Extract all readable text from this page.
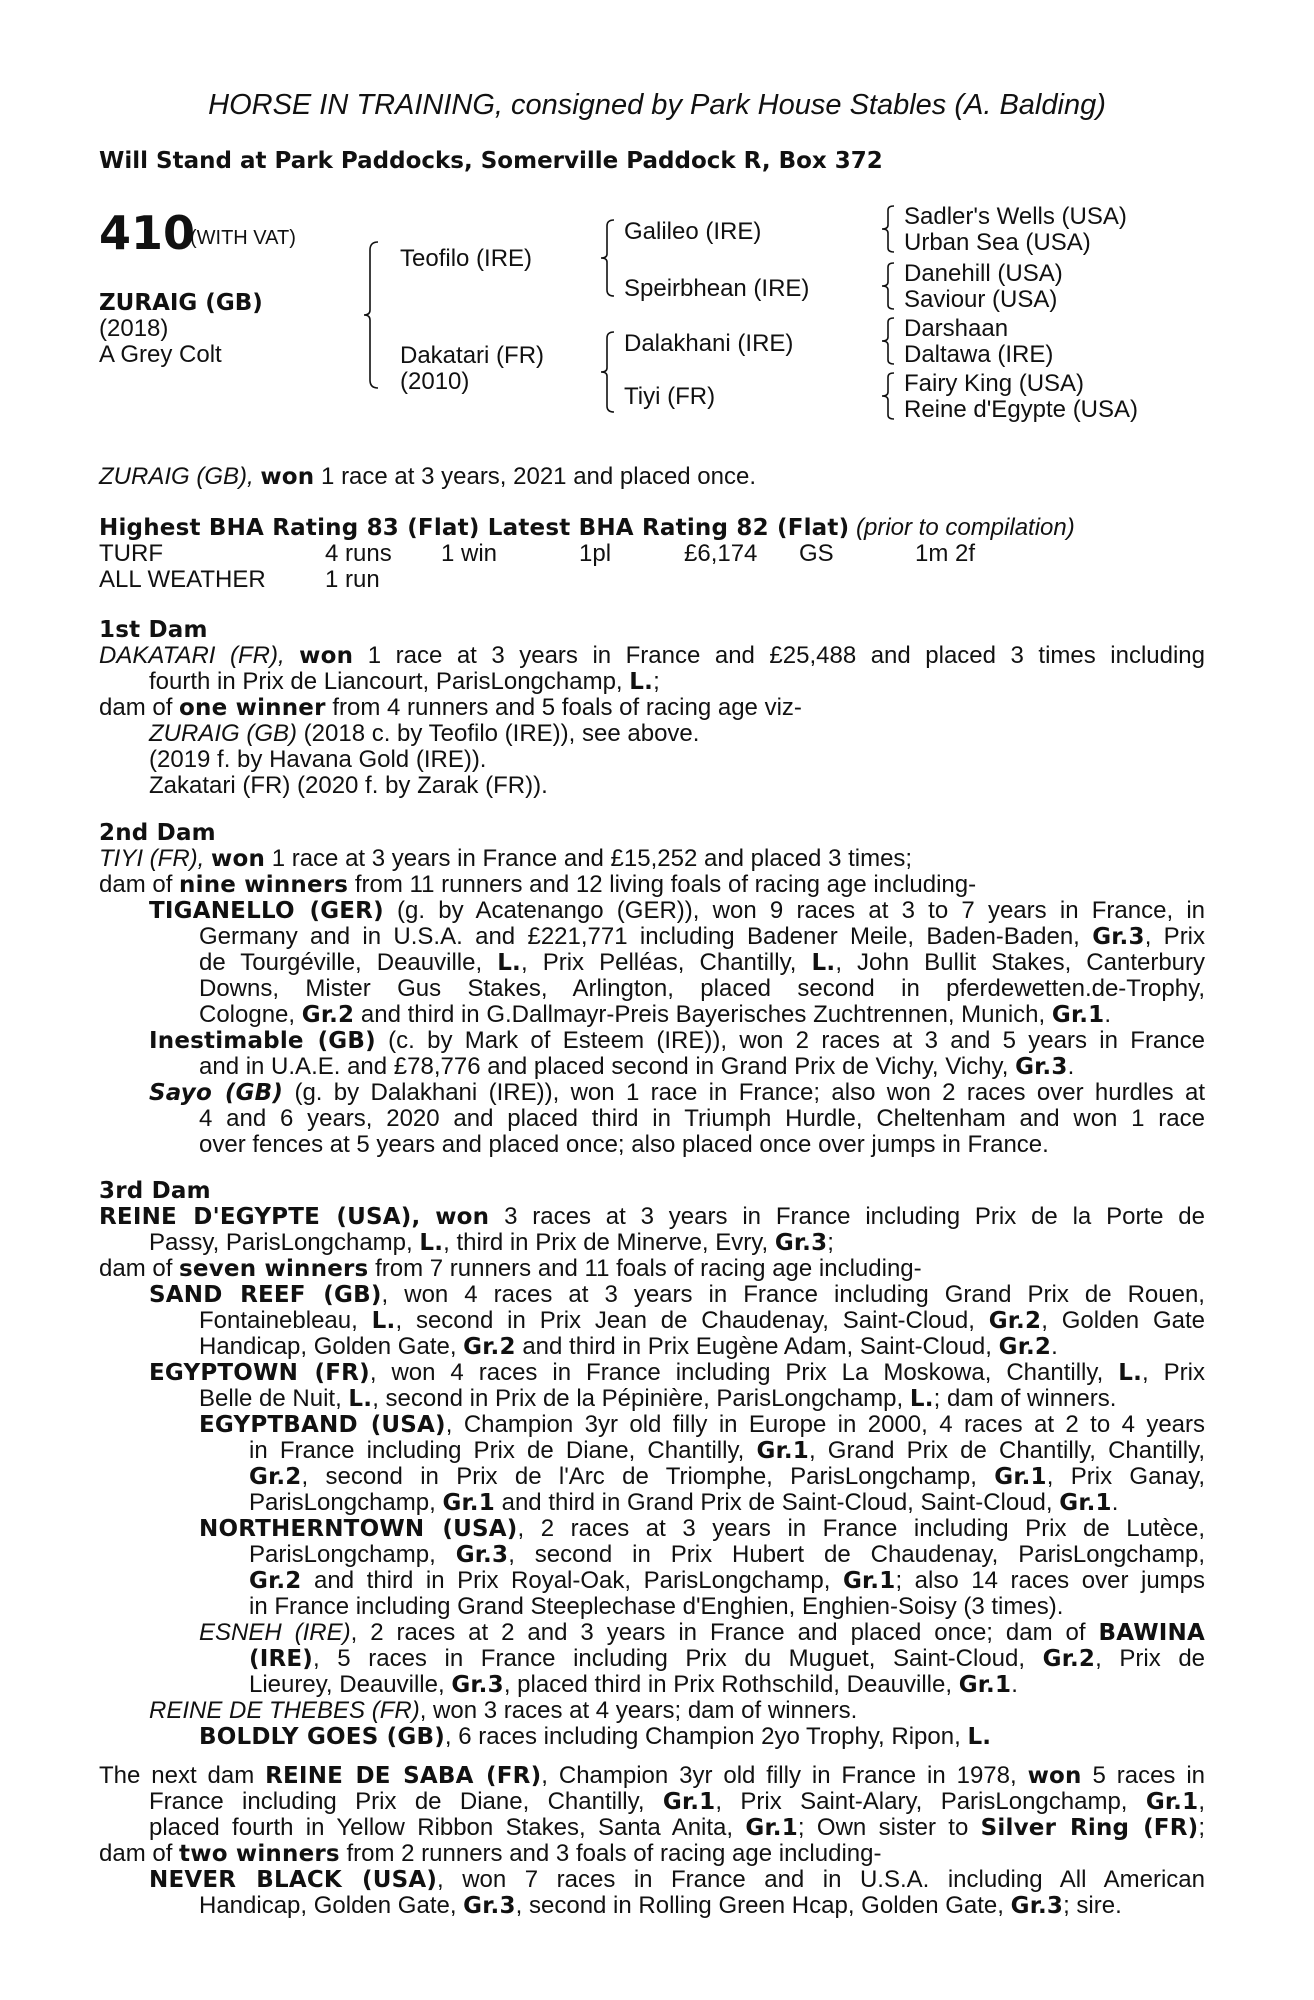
HORSE IN TRAINING, consigned by Park House Stables (A. Balding)
Will Stand at Park Paddocks, Somerville Paddock R, Box 372
410
(WITH VAT)
ZURAIG (GB)
(2018)
A Grey Colt
Teofilo (IRE)
Dakatari (FR)
(2010)
Galileo (IRE)
Speirbhean (IRE)
Dalakhani (IRE)
Tiyi (FR)
Sadler's Wells (USA)
Urban Sea (USA)
Danehill (USA)
Saviour (USA)
Darshaan
Daltawa (IRE)
Fairy King (USA)
Reine d'Egypte (USA)
ZURAIG (GB), won 1 race at 3 years, 2021 and placed once.
Highest BHA Rating 83 (Flat) Latest BHA Rating 82 (Flat) (prior to compilation)
TURF	4 runs 1 win	1pl	£6,174 GS	1m 2f
ALL WEATHER 1 run
1st Dam
DAKATARI (FR), won 1 race at 3 years in France and £25,488 and placed 3 times including
fourth in Prix de Liancourt, ParisLongchamp, L.;
dam of one winner from 4 runners and 5 foals of racing age viz-
ZURAIG (GB) (2018 c. by Teofilo (IRE)), see above.
(2019 f. by Havana Gold (IRE)).
Zakatari (FR) (2020 f. by Zarak (FR)).
2nd Dam
TIYI (FR), won 1 race at 3 years in France and £15,252 and placed 3 times;
dam of nine winners from 11 runners and 12 living foals of racing age including-
TIGANELLO (GER) (g. by Acatenango (GER)), won 9 races at 3 to 7 years in France, in
Germany and in U.S.A. and £221,771 including Badener Meile, Baden-Baden, Gr.3, Prix
de Tourgéville, Deauville, L., Prix Pelléas, Chantilly, L., John Bullit Stakes, Canterbury
Downs, Mister Gus Stakes, Arlington, placed second in pferdewetten.de-Trophy,
Cologne, Gr.2 and third in G.Dallmayr-Preis Bayerisches Zuchtrennen, Munich, Gr.1.
Inestimable (GB) (c. by Mark of Esteem (IRE)), won 2 races at 3 and 5 years in France
and in U.A.E. and £78,776 and placed second in Grand Prix de Vichy, Vichy, Gr.3.
Sayo (GB) (g. by Dalakhani (IRE)), won 1 race in France; also won 2 races over hurdles at
4 and 6 years, 2020 and placed third in Triumph Hurdle, Cheltenham and won 1 race
over fences at 5 years and placed once; also placed once over jumps in France.
3rd Dam
REINE D'EGYPTE (USA), won 3 races at 3 years in France including Prix de la Porte de
Passy, ParisLongchamp, L., third in Prix de Minerve, Evry, Gr.3;
dam of seven winners from 7 runners and 11 foals of racing age including-
SAND REEF (GB), won 4 races at 3 years in France including Grand Prix de Rouen,
Fontainebleau, L., second in Prix Jean de Chaudenay, Saint-Cloud, Gr.2, Golden Gate
Handicap, Golden Gate, Gr.2 and third in Prix Eugène Adam, Saint-Cloud, Gr.2.
EGYPTOWN (FR), won 4 races in France including Prix La Moskowa, Chantilly, L., Prix
Belle de Nuit, L., second in Prix de la Pépinière, ParisLongchamp, L.; dam of winners.
EGYPTBAND (USA), Champion 3yr old filly in Europe in 2000, 4 races at 2 to 4 years
in France including Prix de Diane, Chantilly, Gr.1, Grand Prix de Chantilly, Chantilly,
Gr.2, second in Prix de l'Arc de Triomphe, ParisLongchamp, Gr.1, Prix Ganay,
ParisLongchamp, Gr.1 and third in Grand Prix de Saint-Cloud, Saint-Cloud, Gr.1.
NORTHERNTOWN (USA), 2 races at 3 years in France including Prix de Lutèce,
ParisLongchamp, Gr.3, second in Prix Hubert de Chaudenay, ParisLongchamp,
Gr.2 and third in Prix Royal-Oak, ParisLongchamp, Gr.1; also 14 races over jumps
in France including Grand Steeplechase d'Enghien, Enghien-Soisy (3 times).
ESNEH (IRE), 2 races at 2 and 3 years in France and placed once; dam of BAWINA
(IRE), 5 races in France including Prix du Muguet, Saint-Cloud, Gr.2, Prix de
Lieurey, Deauville, Gr.3, placed third in Prix Rothschild, Deauville, Gr.1.
REINE DE THEBES (FR), won 3 races at 4 years; dam of winners.
BOLDLY GOES (GB), 6 races including Champion 2yo Trophy, Ripon, L.
The next dam REINE DE SABA (FR), Champion 3yr old filly in France in 1978, won 5 races in
France including Prix de Diane, Chantilly, Gr.1, Prix Saint-Alary, ParisLongchamp, Gr.1,
placed fourth in Yellow Ribbon Stakes, Santa Anita, Gr.1; Own sister to Silver Ring (FR);
dam of two winners from 2 runners and 3 foals of racing age including-
NEVER BLACK (USA), won 7 races in France and in U.S.A. including All American
Handicap, Golden Gate, Gr.3, second in Rolling Green Hcap, Golden Gate, Gr.3; sire.
